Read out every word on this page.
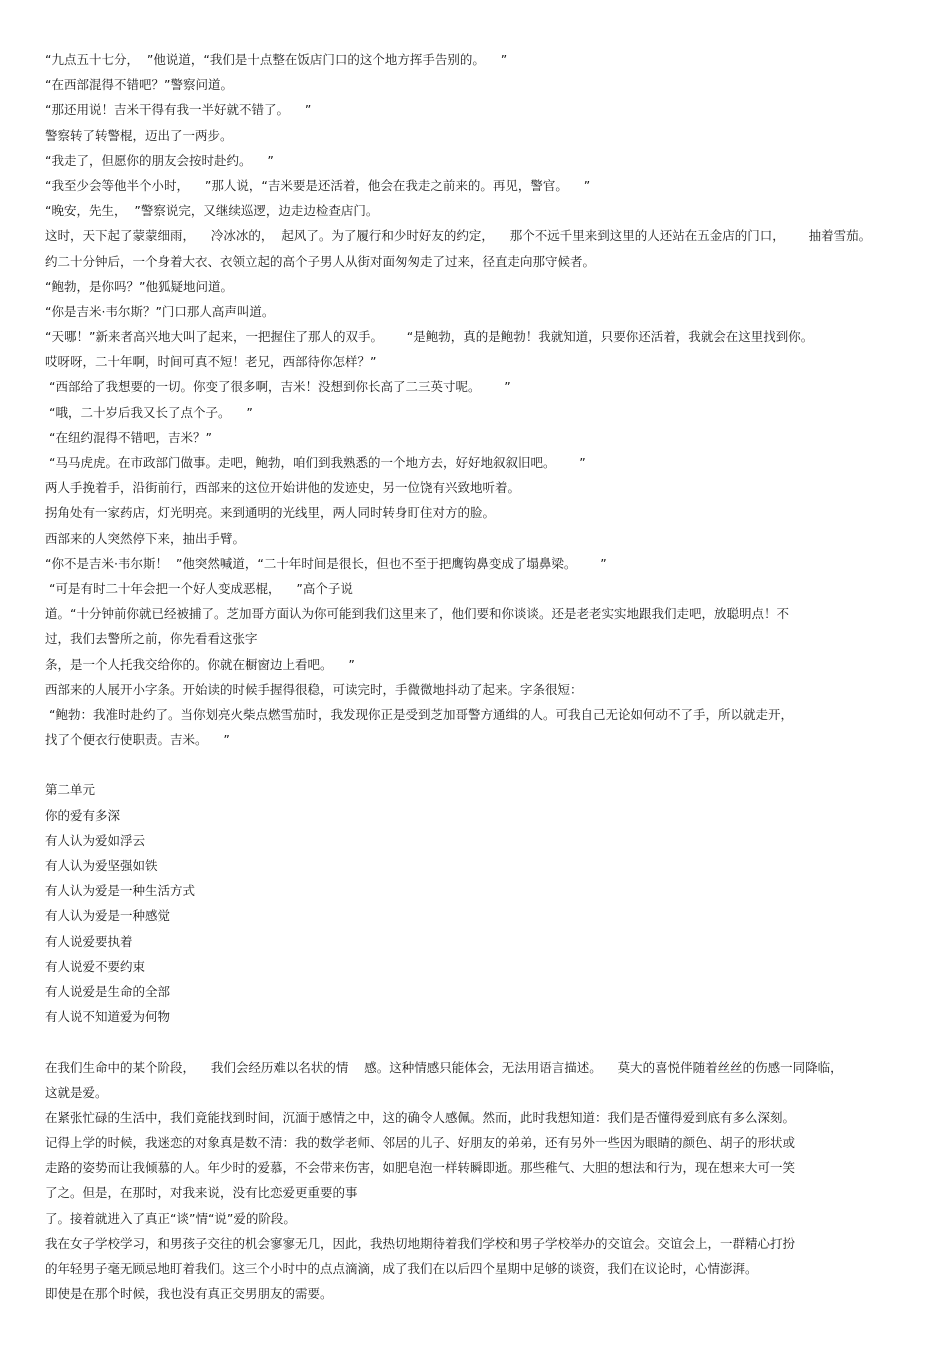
“九点五十七分，  ”他说道，“我们是十点整在饭店门口的这个地方挥手告别的。    ”
“在西部混得不错吧？”警察问道。
“那还用说！吉米干得有我一半好就不错了。    ”
警察转了转警棍，迈出了一两步。
“我走了，但愿你的朋友会按时赴约。    ”
“我至少会等他半个小时，    ”那人说，“吉米要是还活着，他会在我走之前来的。再见，警官。    ”
“晚安，先生，  ”警察说完，又继续巡逻，边走边检查店门。
这时，天下起了蒙蒙细雨，    冷冰冰的，  起风了。为了履行和少时好友的约定，    那个不远千里来到这里的人还站在五金店的门口，      抽着雪茄。
约二十分钟后，一个身着大衣、衣领立起的高个子男人从街对面匆匆走了过来，径直走向那守候者。
“鲍勃，是你吗？”他狐疑地问道。
“你是吉米·韦尔斯？”门口那人高声叫道。
“天哪！”新来者高兴地大叫了起来，一把握住了那人的双手。      “是鲍勃，真的是鲍勃！我就知道，只要你还活着，我就会在这里找到你。
哎呀呀，二十年啊，时间可真不短！老兄，西部待你怎样？”
“西部给了我想要的一切。你变了很多啊，吉米！没想到你长高了二三英寸呢。      ”
“哦，二十岁后我又长了点个子。    ”
“在纽约混得不错吧，吉米？”
“马马虎虎。在市政部门做事。走吧，鲍勃，咱们到我熟悉的一个地方去，好好地叙叙旧吧。      ”
两人手挽着手，沿街前行，西部来的这位开始讲他的发迹史，另一位饶有兴致地听着。
拐角处有一家药店，灯光明亮。来到通明的光线里，两人同时转身盯住对方的脸。
西部来的人突然停下来，抽出手臂。
“你不是吉米·韦尔斯！  ”他突然喊道，“二十年时间是很长，但也不至于把鹰钩鼻变成了塌鼻梁。      ”
“可是有时二十年会把一个好人变成恶棍，    ”高个子说
道。“十分钟前你就已经被捕了。芝加哥方面认为你可能到我们这里来了，他们要和你谈谈。还是老老实实地跟我们走吧，放聪明点！不
过，我们去警所之前，你先看看这张字
条，是一个人托我交给你的。你就在橱窗边上看吧。    ”
西部来的人展开小字条。开始读的时候手握得很稳，可读完时，手微微地抖动了起来。字条很短：
“鲍勃：我准时赴约了。当你划亮火柴点燃雪茄时，我发现你正是受到芝加哥警方通缉的人。可我自己无论如何动不了手，所以就走开，
找了个便衣行使职责。吉米。    ”
第二单元
你的爱有多深
有人认为爱如浮云
有人认为爱坚强如铁
有人认为爱是一种生活方式
有人认为爱是一种感觉
有人说爱要执着
有人说爱不要约束
有人说爱是生命的全部
有人说不知道爱为何物
在我们生命中的某个阶段，    我们会经历难以名状的情    感。这种情感只能体会，无法用语言描述。    莫大的喜悦伴随着丝丝的伤感一同降临，
这就是爱。
在紧张忙碌的生活中，我们竟能找到时间，沉湎于感情之中，这的确令人感佩。然而，此时我想知道：我们是否懂得爱到底有多么深刻。
记得上学的时候，我迷恋的对象真是数不清：我的数学老师、邻居的儿子、好朋友的弟弟，还有另外一些因为眼睛的颜色、胡子的形状或
走路的姿势而让我倾慕的人。年少时的爱慕，不会带来伤害，如肥皂泡一样转瞬即逝。那些稚气、大胆的想法和行为，现在想来大可一笑
了之。但是，在那时，对我来说，没有比恋爱更重要的事
了。接着就进入了真正“谈”情“说”爱的阶段。
我在女子学校学习，和男孩子交往的机会寥寥无几，因此，我热切地期待着我们学校和男子学校举办的交谊会。交谊会上，一群精心打扮
的年轻男子毫无顾忌地盯着我们。这三个小时中的点点滴滴，成了我们在以后四个星期中足够的谈资，我们在议论时，心情澎湃。
即使是在那个时候，我也没有真正交男朋友的需要。
